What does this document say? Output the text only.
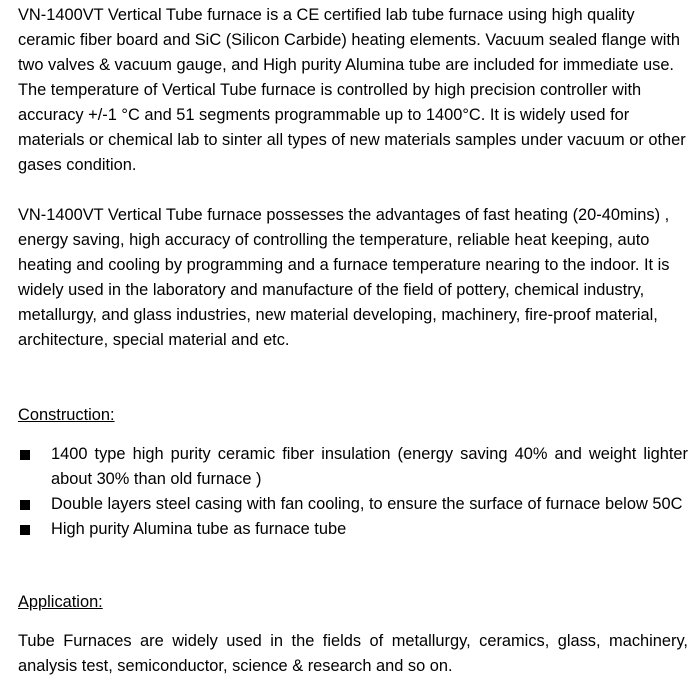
VN-1400VT Vertical Tube furnace is a CE certified lab tube furnace using high quality ceramic fiber board and SiC (Silicon Carbide) heating elements. Vacuum sealed flange with two valves & vacuum gauge, and High purity Alumina tube are included for immediate use. The temperature of Vertical Tube furnace is controlled by high precision controller with accuracy +/-1 °C and 51 segments programmable up to 1400°C. It is widely used for materials or chemical lab to sinter all types of new materials samples under vacuum or other gases condition.

VN-1400VT Vertical Tube furnace possesses the advantages of fast heating (20-40mins) , energy saving, high accuracy of controlling the temperature, reliable heat keeping, auto heating and cooling by programming and a furnace temperature nearing to the indoor. It is widely used in the laboratory and manufacture of the field of pottery, chemical industry, metallurgy, and glass industries, new material developing, machinery, fire-proof material, architecture, special material and etc.

Construction:

1400 type high purity ceramic fiber insulation (energy saving 40% and weight lighter about 30% than old furnace )
Double layers steel casing with fan cooling, to ensure the surface of furnace below 50C
High purity Alumina tube as furnace tube

Application:

Tube Furnaces are widely used in the fields of metallurgy, ceramics, glass, machinery, analysis test, semiconductor, science & research and so on.
